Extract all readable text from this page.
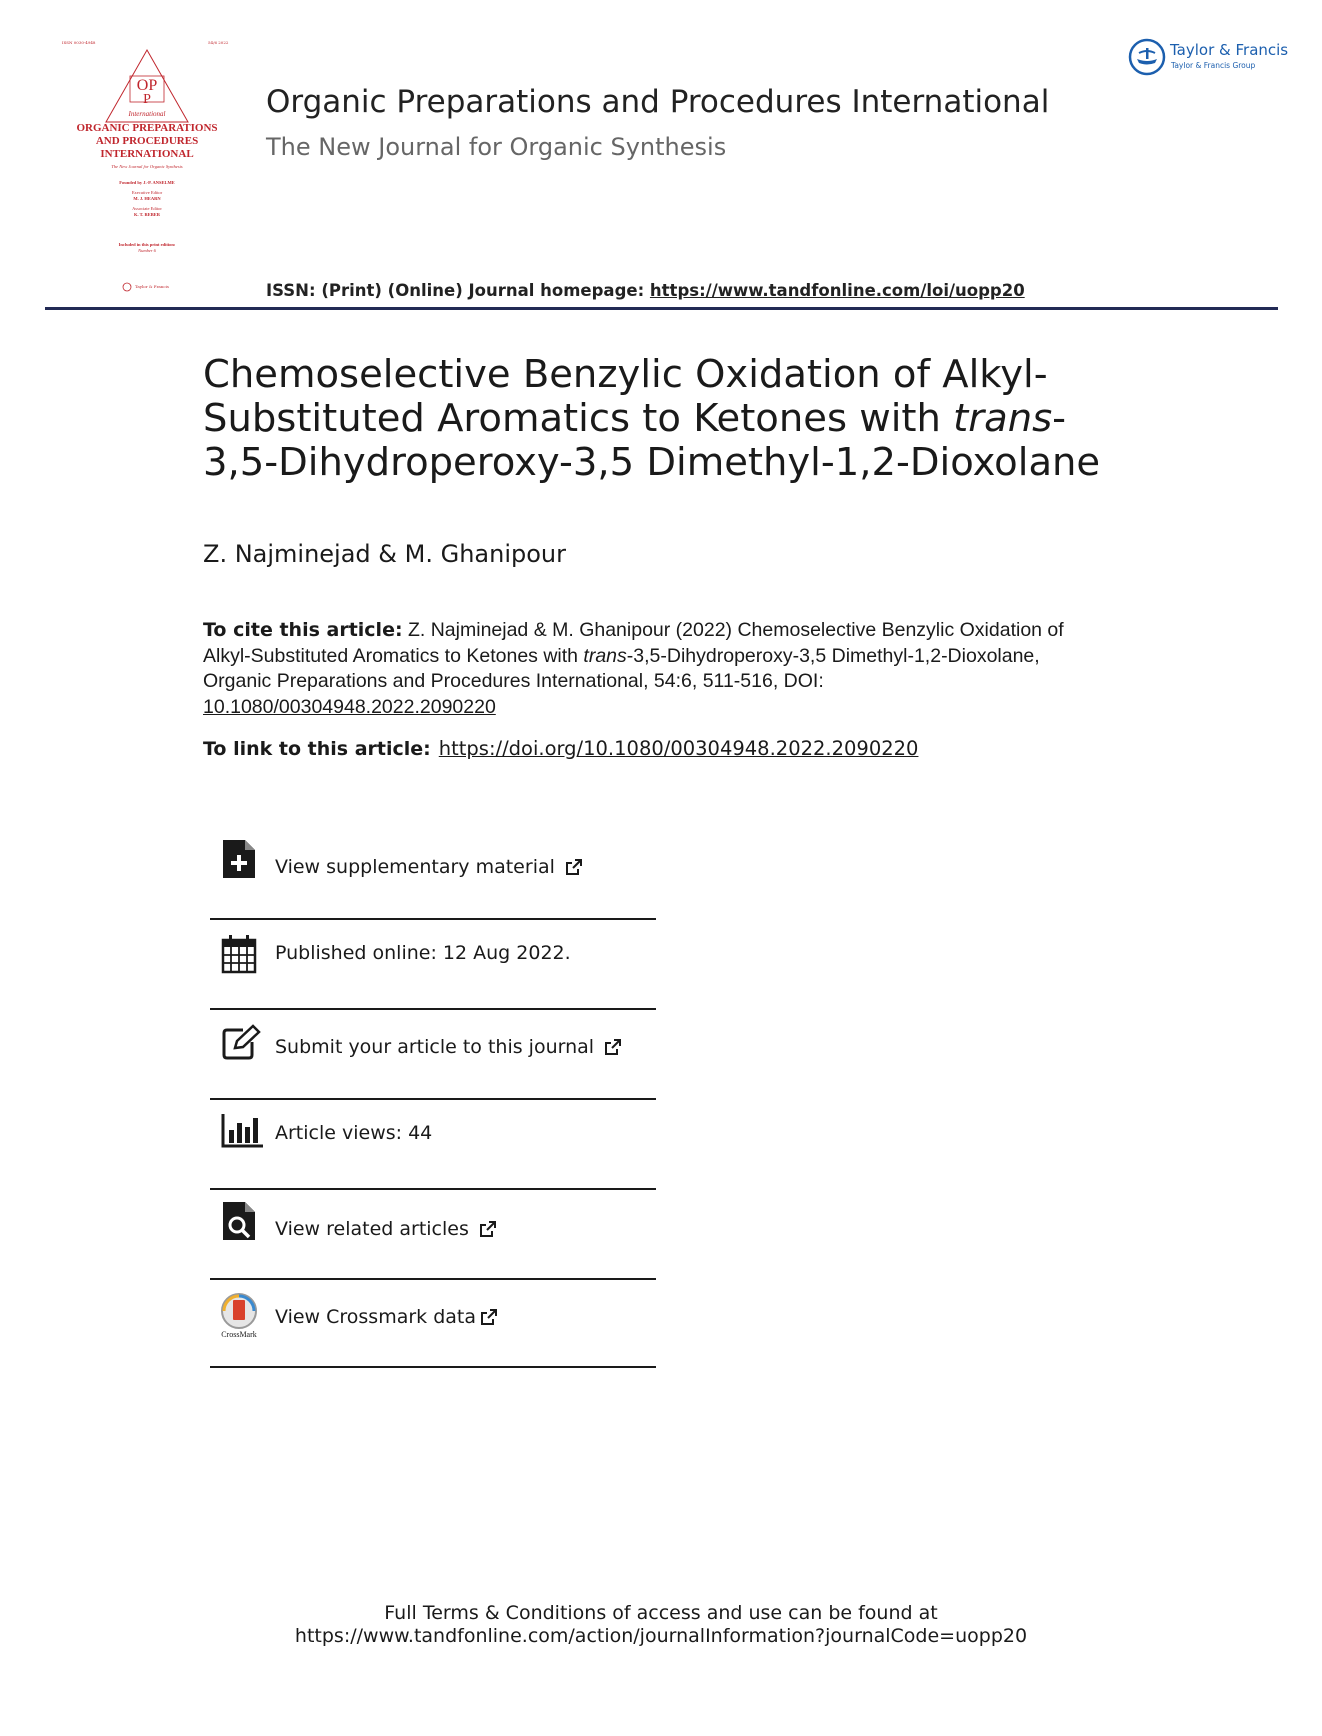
ISSN 0030-4948	54/6 2022
OP
P
International
ORGANIC PREPARATIONS
AND PROCEDURES
INTERNATIONAL
The New Journal for Organic Synthesis
Founded by J.-P. ANSELME
Executive Editor
M. J. HEARN
Associate Editor
K. T. REBER
Included in this print edition:
Number 6
Taylor & Francis
Organic Preparations and Procedures International
The New Journal for Organic Synthesis
ISSN: (Print) (Online) Journal homepage: https://www.tandfonline.com/loi/uopp20
Taylor & Francis
Taylor & Francis Group
Chemoselective Benzylic Oxidation of Alkyl-Substituted Aromatics to Ketones with trans-3,5-Dihydroperoxy-3,5 Dimethyl-1,2-Dioxolane
Z. Najminejad & M. Ghanipour
To cite this article: Z. Najminejad & M. Ghanipour (2022) Chemoselective Benzylic Oxidation of Alkyl-Substituted Aromatics to Ketones with trans-3,5-Dihydroperoxy-3,5 Dimethyl-1,2-Dioxolane, Organic Preparations and Procedures International, 54:6, 511-516, DOI: 10.1080/00304948.2022.2090220
To link to this article: https://doi.org/10.1080/00304948.2022.2090220
View supplementary material
Published online: 12 Aug 2022.
Submit your article to this journal
Article views: 44
View related articles
CrossMark
View Crossmark data
Full Terms & Conditions of access and use can be found at
https://www.tandfonline.com/action/journalInformation?journalCode=uopp20
